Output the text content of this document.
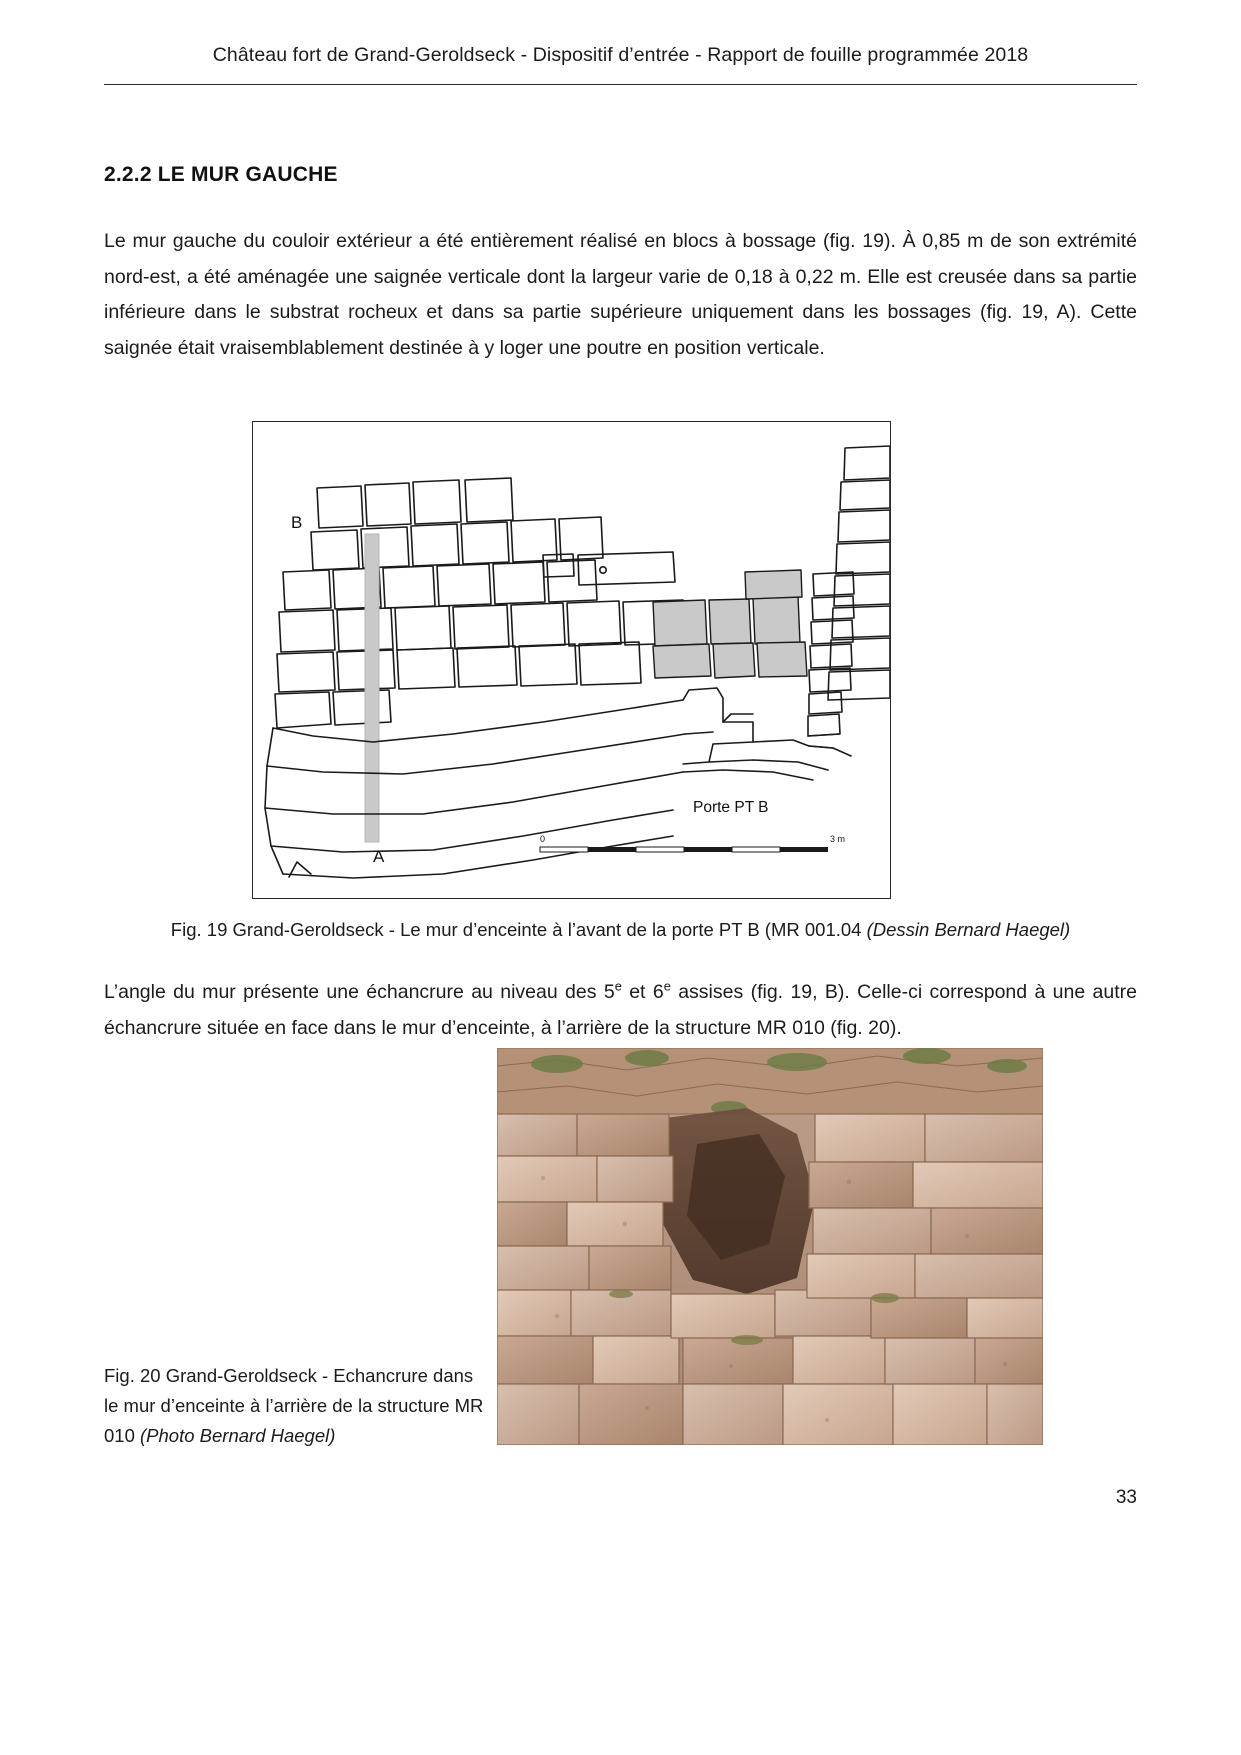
Château fort de Grand-Geroldseck - Dispositif d’entrée - Rapport de fouille programmée 2018
2.2.2 LE MUR GAUCHE
Le mur gauche du couloir extérieur a été entièrement réalisé en blocs à bossage (fig. 19). À 0,85 m de son extrémité nord-est, a été aménagée une saignée verticale dont la largeur varie de 0,18 à 0,22 m. Elle est creusée dans sa partie inférieure dans le substrat rocheux et dans sa partie supérieure uniquement dans les bossages (fig. 19, A). Cette saignée était vraisemblablement destinée à y loger une poutre en position verticale.
B
A
Porte PT B
0	3 m
Fig. 19 Grand-Geroldseck - Le mur d’enceinte à l’avant de la porte PT B (MR 001.04 (Dessin Bernard Haegel)
L’angle du mur présente une échancrure au niveau des 5e et 6e assises (fig. 19, B). Celle-ci correspond à une autre échancrure située en face dans le mur d’enceinte, à l’arrière de la structure MR 010 (fig. 20).
Fig. 20 Grand-Geroldseck - Echancrure dans le mur d’enceinte à l’arrière de la structure MR 010 (Photo Bernard Haegel)
33
